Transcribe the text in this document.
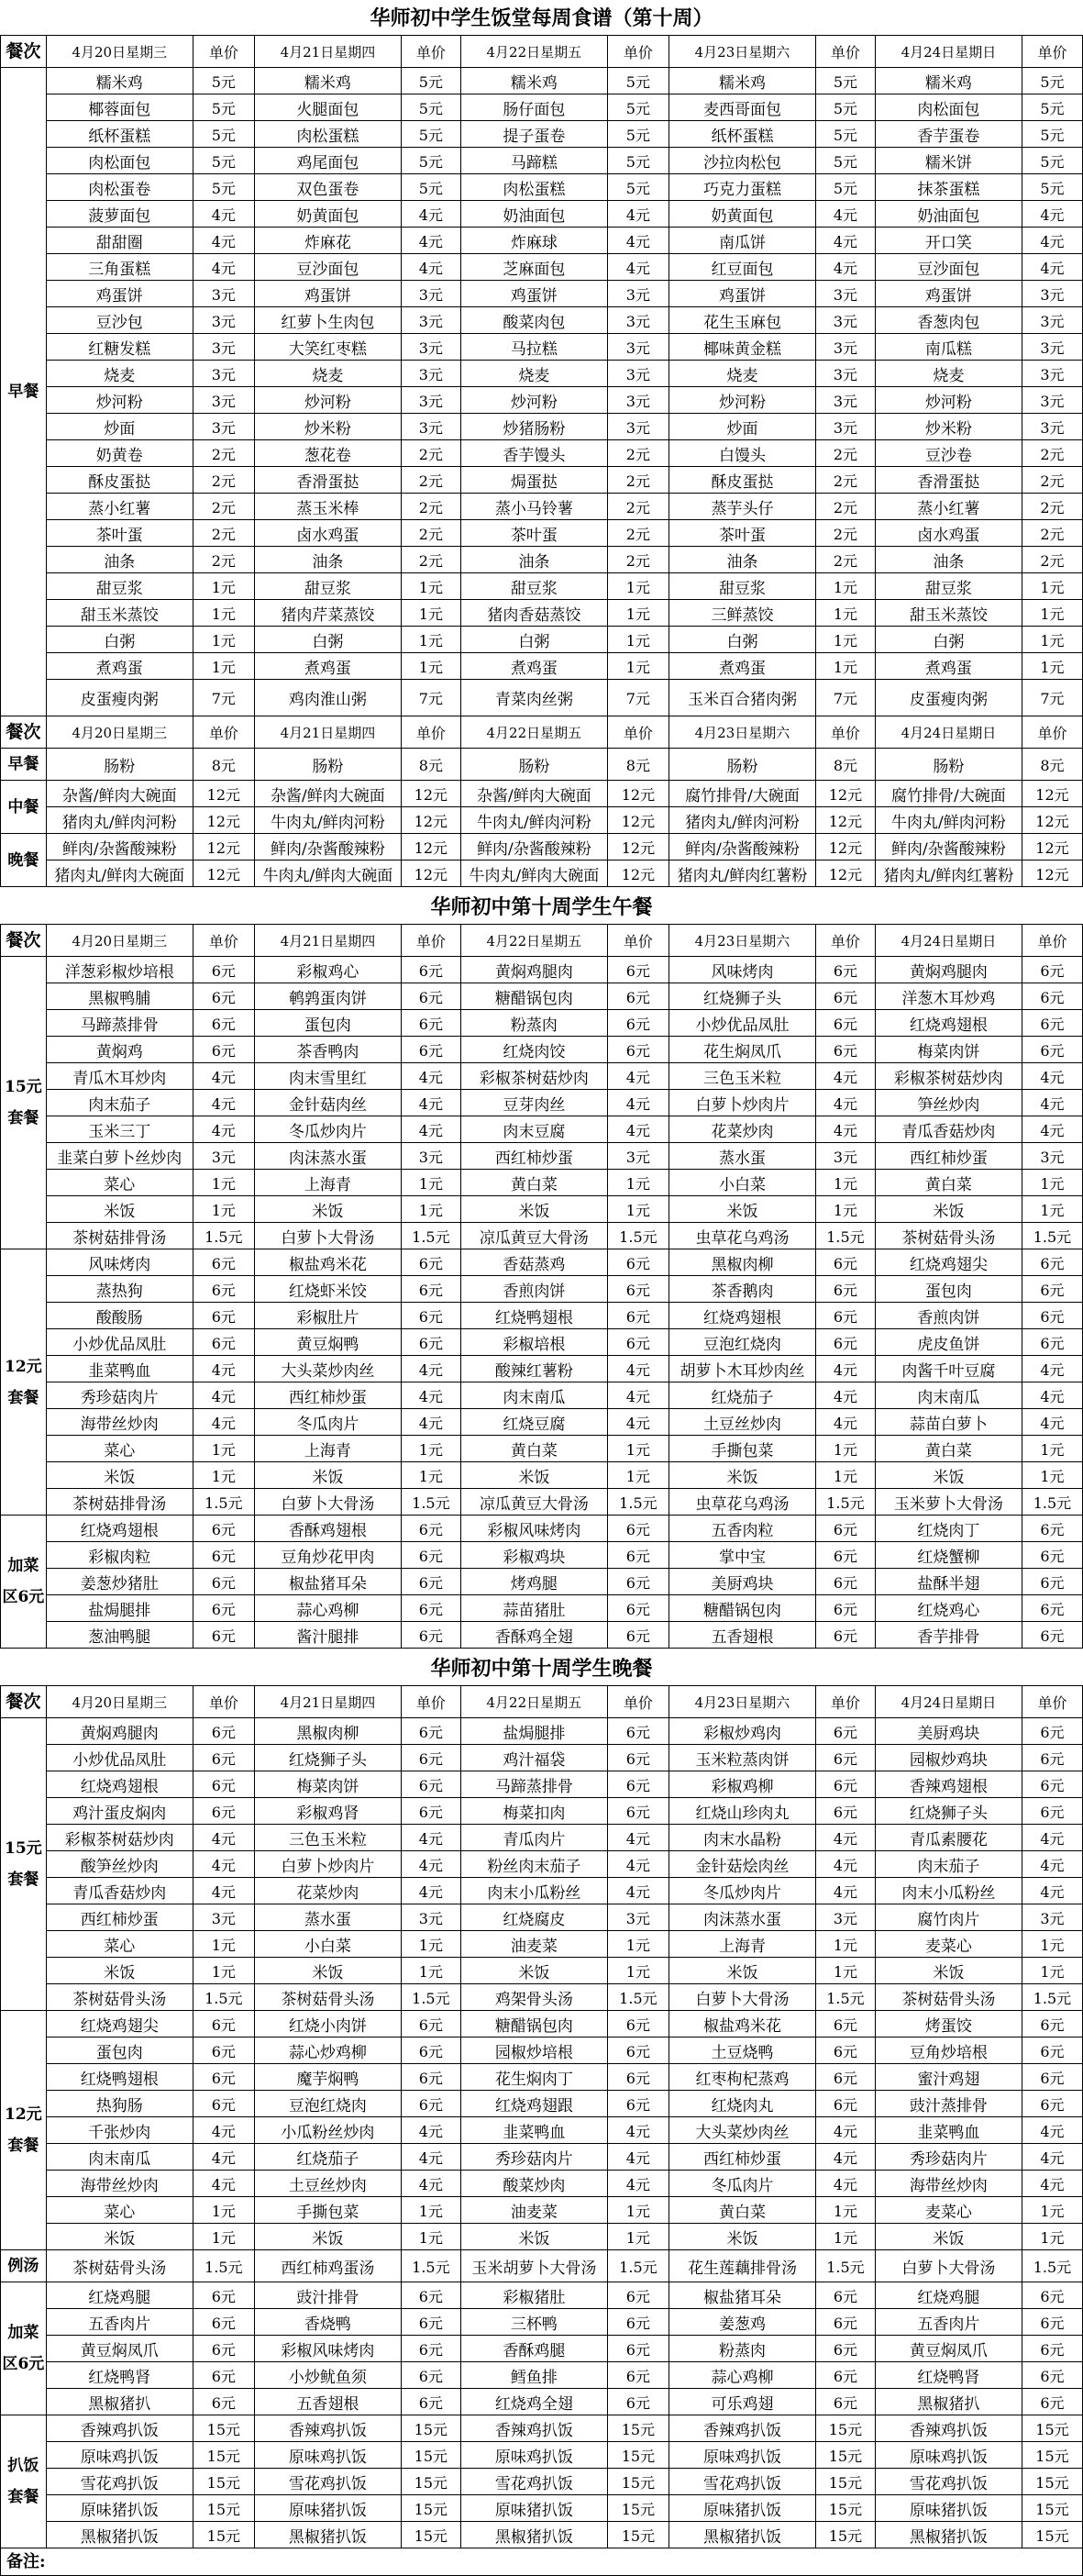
华师初中学生饭堂每周食谱（第十周）
餐次	4月20日星期三	单价	4月21日星期四	单价	4月22日星期五	单价	4月23日星期六	单价	4月24日星期日	单价
早餐	糯米鸡	5元	糯米鸡	5元	糯米鸡	5元	糯米鸡	5元	糯米鸡	5元
	椰蓉面包	5元	火腿面包	5元	肠仔面包	5元	麦西哥面包	5元	肉松面包	5元
	纸杯蛋糕	5元	肉松蛋糕	5元	提子蛋卷	5元	纸杯蛋糕	5元	香芋蛋卷	5元
	肉松面包	5元	鸡尾面包	5元	马蹄糕	5元	沙拉肉松包	5元	糯米饼	5元
	肉松蛋卷	5元	双色蛋卷	5元	肉松蛋糕	5元	巧克力蛋糕	5元	抹茶蛋糕	5元
	菠萝面包	4元	奶黄面包	4元	奶油面包	4元	奶黄面包	4元	奶油面包	4元
	甜甜圈	4元	炸麻花	4元	炸麻球	4元	南瓜饼	4元	开口笑	4元
	三角蛋糕	4元	豆沙面包	4元	芝麻面包	4元	红豆面包	4元	豆沙面包	4元
	鸡蛋饼	3元	鸡蛋饼	3元	鸡蛋饼	3元	鸡蛋饼	3元	鸡蛋饼	3元
	豆沙包	3元	红萝卜生肉包	3元	酸菜肉包	3元	花生玉麻包	3元	香葱肉包	3元
	红糖发糕	3元	大笑红枣糕	3元	马拉糕	3元	椰味黄金糕	3元	南瓜糕	3元
	烧麦	3元	烧麦	3元	烧麦	3元	烧麦	3元	烧麦	3元
	炒河粉	3元	炒河粉	3元	炒河粉	3元	炒河粉	3元	炒河粉	3元
	炒面	3元	炒米粉	3元	炒猪肠粉	3元	炒面	3元	炒米粉	3元
	奶黄卷	2元	葱花卷	2元	香芋馒头	2元	白馒头	2元	豆沙卷	2元
	酥皮蛋挞	2元	香滑蛋挞	2元	焗蛋挞	2元	酥皮蛋挞	2元	香滑蛋挞	2元
	蒸小红薯	2元	蒸玉米棒	2元	蒸小马铃薯	2元	蒸芋头仔	2元	蒸小红薯	2元
	茶叶蛋	2元	卤水鸡蛋	2元	茶叶蛋	2元	茶叶蛋	2元	卤水鸡蛋	2元
	油条	2元	油条	2元	油条	2元	油条	2元	油条	2元
	甜豆浆	1元	甜豆浆	1元	甜豆浆	1元	甜豆浆	1元	甜豆浆	1元
	甜玉米蒸饺	1元	猪肉芹菜蒸饺	1元	猪肉香菇蒸饺	1元	三鲜蒸饺	1元	甜玉米蒸饺	1元
	白粥	1元	白粥	1元	白粥	1元	白粥	1元	白粥	1元
	煮鸡蛋	1元	煮鸡蛋	1元	煮鸡蛋	1元	煮鸡蛋	1元	煮鸡蛋	1元
	皮蛋瘦肉粥	7元	鸡肉淮山粥	7元	青菜肉丝粥	7元	玉米百合猪肉粥	7元	皮蛋瘦肉粥	7元
餐次	4月20日星期三	单价	4月21日星期四	单价	4月22日星期五	单价	4月23日星期六	单价	4月24日星期日	单价
早餐	肠粉	8元	肠粉	8元	肠粉	8元	肠粉	8元	肠粉	8元
中餐	杂酱/鲜肉大碗面	12元	杂酱/鲜肉大碗面	12元	杂酱/鲜肉大碗面	12元	腐竹排骨/大碗面	12元	腐竹排骨/大碗面	12元
	猪肉丸/鲜肉河粉	12元	牛肉丸/鲜肉河粉	12元	牛肉丸/鲜肉河粉	12元	猪肉丸/鲜肉河粉	12元	牛肉丸/鲜肉河粉	12元
晚餐	鲜肉/杂酱酸辣粉	12元	鲜肉/杂酱酸辣粉	12元	鲜肉/杂酱酸辣粉	12元	鲜肉/杂酱酸辣粉	12元	鲜肉/杂酱酸辣粉	12元
	猪肉丸/鲜肉大碗面	12元	牛肉丸/鲜肉大碗面	12元	牛肉丸/鲜肉大碗面	12元	猪肉丸/鲜肉红薯粉	12元	猪肉丸/鲜肉红薯粉	12元
华师初中第十周学生午餐
餐次	4月20日星期三	单价	4月21日星期四	单价	4月22日星期五	单价	4月23日星期六	单价	4月24日星期日	单价
15元套餐	洋葱彩椒炒培根	6元	彩椒鸡心	6元	黄焖鸡腿肉	6元	风味烤肉	6元	黄焖鸡腿肉	6元
	黑椒鸭脯	6元	鹌鹑蛋肉饼	6元	糖醋锅包肉	6元	红烧狮子头	6元	洋葱木耳炒鸡	6元
	马蹄蒸排骨	6元	蛋包肉	6元	粉蒸肉	6元	小炒优品凤肚	6元	红烧鸡翅根	6元
	黄焖鸡	6元	茶香鸭肉	6元	红烧肉饺	6元	花生焖凤爪	6元	梅菜肉饼	6元
	青瓜木耳炒肉	4元	肉末雪里红	4元	彩椒茶树菇炒肉	4元	三色玉米粒	4元	彩椒茶树菇炒肉	4元
	肉末茄子	4元	金针菇肉丝	4元	豆芽肉丝	4元	白萝卜炒肉片	4元	笋丝炒肉	4元
	玉米三丁	4元	冬瓜炒肉片	4元	肉末豆腐	4元	花菜炒肉	4元	青瓜香菇炒肉	4元
	韭菜白萝卜丝炒肉	3元	肉沫蒸水蛋	3元	西红柿炒蛋	3元	蒸水蛋	3元	西红柿炒蛋	3元
	菜心	1元	上海青	1元	黄白菜	1元	小白菜	1元	黄白菜	1元
	米饭	1元	米饭	1元	米饭	1元	米饭	1元	米饭	1元
	茶树菇排骨汤	1.5元	白萝卜大骨汤	1.5元	凉瓜黄豆大骨汤	1.5元	虫草花乌鸡汤	1.5元	茶树菇骨头汤	1.5元
12元套餐	风味烤肉	6元	椒盐鸡米花	6元	香菇蒸鸡	6元	黑椒肉柳	6元	红烧鸡翅尖	6元
	蒸热狗	6元	红烧虾米饺	6元	香煎肉饼	6元	茶香鹅肉	6元	蛋包肉	6元
	酸酸肠	6元	彩椒肚片	6元	红烧鸭翅根	6元	红烧鸡翅根	6元	香煎肉饼	6元
	小炒优品凤肚	6元	黄豆焖鸭	6元	彩椒培根	6元	豆泡红烧肉	6元	虎皮鱼饼	6元
	韭菜鸭血	4元	大头菜炒肉丝	4元	酸辣红薯粉	4元	胡萝卜木耳炒肉丝	4元	肉酱千叶豆腐	4元
	秀珍菇肉片	4元	西红柿炒蛋	4元	肉末南瓜	4元	红烧茄子	4元	肉末南瓜	4元
	海带丝炒肉	4元	冬瓜肉片	4元	红烧豆腐	4元	土豆丝炒肉	4元	蒜苗白萝卜	4元
	菜心	1元	上海青	1元	黄白菜	1元	手撕包菜	1元	黄白菜	1元
	米饭	1元	米饭	1元	米饭	1元	米饭	1元	米饭	1元
	茶树菇排骨汤	1.5元	白萝卜大骨汤	1.5元	凉瓜黄豆大骨汤	1.5元	虫草花乌鸡汤	1.5元	玉米萝卜大骨汤	1.5元
加菜区6元	红烧鸡翅根	6元	香酥鸡翅根	6元	彩椒风味烤肉	6元	五香肉粒	6元	红烧肉丁	6元
	彩椒肉粒	6元	豆角炒花甲肉	6元	彩椒鸡块	6元	掌中宝	6元	红烧蟹柳	6元
	姜葱炒猪肚	6元	椒盐猪耳朵	6元	烤鸡腿	6元	美厨鸡块	6元	盐酥半翅	6元
	盐焗腿排	6元	蒜心鸡柳	6元	蒜苗猪肚	6元	糖醋锅包肉	6元	红烧鸡心	6元
	葱油鸭腿	6元	酱汁腿排	6元	香酥鸡全翅	6元	五香翅根	6元	香芋排骨	6元
华师初中第十周学生晚餐
餐次	4月20日星期三	单价	4月21日星期四	单价	4月22日星期五	单价	4月23日星期六	单价	4月24日星期日	单价
15元套餐	黄焖鸡腿肉	6元	黑椒肉柳	6元	盐焗腿排	6元	彩椒炒鸡肉	6元	美厨鸡块	6元
	小炒优品凤肚	6元	红烧狮子头	6元	鸡汁福袋	6元	玉米粒蒸肉饼	6元	园椒炒鸡块	6元
	红烧鸡翅根	6元	梅菜肉饼	6元	马蹄蒸排骨	6元	彩椒鸡柳	6元	香辣鸡翅根	6元
	鸡汁蛋皮焖肉	6元	彩椒鸡肾	6元	梅菜扣肉	6元	红烧山珍肉丸	6元	红烧狮子头	6元
	彩椒茶树菇炒肉	4元	三色玉米粒	4元	青瓜肉片	4元	肉末水晶粉	4元	青瓜素腰花	4元
	酸笋丝炒肉	4元	白萝卜炒肉片	4元	粉丝肉末茄子	4元	金针菇烩肉丝	4元	肉末茄子	4元
	青瓜香菇炒肉	4元	花菜炒肉	4元	肉末小瓜粉丝	4元	冬瓜炒肉片	4元	肉末小瓜粉丝	4元
	西红柿炒蛋	3元	蒸水蛋	3元	红烧腐皮	3元	肉沫蒸水蛋	3元	腐竹肉片	3元
	菜心	1元	小白菜	1元	油麦菜	1元	上海青	1元	麦菜心	1元
	米饭	1元	米饭	1元	米饭	1元	米饭	1元	米饭	1元
	茶树菇骨头汤	1.5元	茶树菇骨头汤	1.5元	鸡架骨头汤	1.5元	白萝卜大骨汤	1.5元	茶树菇骨头汤	1.5元
12元套餐	红烧鸡翅尖	6元	红烧小肉饼	6元	糖醋锅包肉	6元	椒盐鸡米花	6元	烤蛋饺	6元
	蛋包肉	6元	蒜心炒鸡柳	6元	园椒炒培根	6元	土豆烧鸭	6元	豆角炒培根	6元
	红烧鸭翅根	6元	魔芋焖鸭	6元	花生焖肉丁	6元	红枣枸杞蒸鸡	6元	蜜汁鸡翅	6元
	热狗肠	6元	豆泡红烧肉	6元	红烧鸡翅跟	6元	红烧肉丸	6元	豉汁蒸排骨	6元
	千张炒肉	4元	小瓜粉丝炒肉	4元	韭菜鸭血	4元	大头菜炒肉丝	4元	韭菜鸭血	4元
	肉末南瓜	4元	红烧茄子	4元	秀珍菇肉片	4元	西红柿炒蛋	4元	秀珍菇肉片	4元
	海带丝炒肉	4元	土豆丝炒肉	4元	酸菜炒肉	4元	冬瓜肉片	4元	海带丝炒肉	4元
	菜心	1元	手撕包菜	1元	油麦菜	1元	黄白菜	1元	麦菜心	1元
	米饭	1元	米饭	1元	米饭	1元	米饭	1元	米饭	1元
例汤	茶树菇骨头汤	1.5元	西红柿鸡蛋汤	1.5元	玉米胡萝卜大骨汤	1.5元	花生莲藕排骨汤	1.5元	白萝卜大骨汤	1.5元
加菜区6元	红烧鸡腿	6元	豉汁排骨	6元	彩椒猪肚	6元	椒盐猪耳朵	6元	红烧鸡腿	6元
	五香肉片	6元	香烧鸭	6元	三杯鸭	6元	姜葱鸡	6元	五香肉片	6元
	黄豆焖凤爪	6元	彩椒风味烤肉	6元	香酥鸡腿	6元	粉蒸肉	6元	黄豆焖凤爪	6元
	红烧鸭肾	6元	小炒鱿鱼须	6元	鳕鱼排	6元	蒜心鸡柳	6元	红烧鸭肾	6元
	黑椒猪扒	6元	五香翅根	6元	红烧鸡全翅	6元	可乐鸡翅	6元	黑椒猪扒	6元
扒饭套餐	香辣鸡扒饭	15元	香辣鸡扒饭	15元	香辣鸡扒饭	15元	香辣鸡扒饭	15元	香辣鸡扒饭	15元
	原味鸡扒饭	15元	原味鸡扒饭	15元	原味鸡扒饭	15元	原味鸡扒饭	15元	原味鸡扒饭	15元
	雪花鸡扒饭	15元	雪花鸡扒饭	15元	雪花鸡扒饭	15元	雪花鸡扒饭	15元	雪花鸡扒饭	15元
	原味猪扒饭	15元	原味猪扒饭	15元	原味猪扒饭	15元	原味猪扒饭	15元	原味猪扒饭	15元
	黑椒猪扒饭	15元	黑椒猪扒饭	15元	黑椒猪扒饭	15元	黑椒猪扒饭	15元	黑椒猪扒饭	15元
备注:
